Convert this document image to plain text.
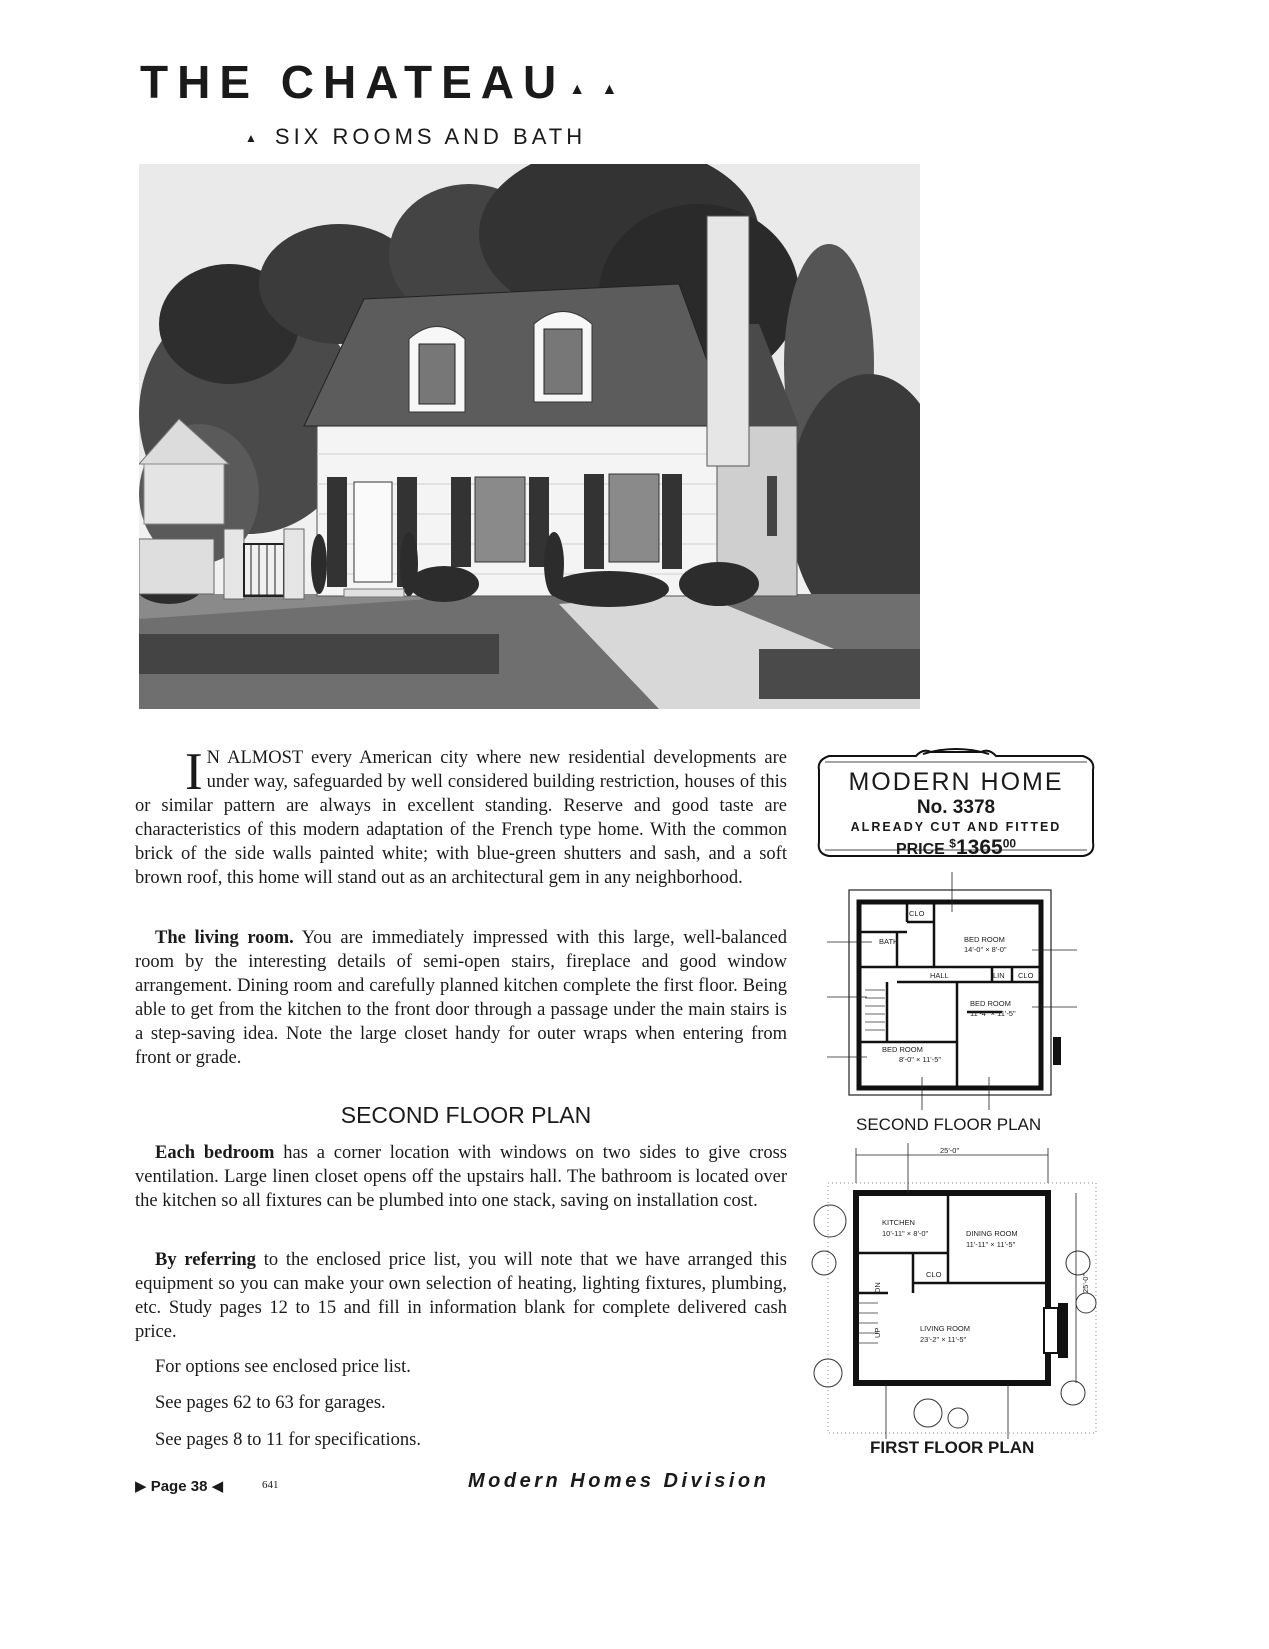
THE CHATEAU ▲ ▲
▲ SIX ROOMS AND BATH
I N ALMOST every American city where new residential developments are under way, safeguarded by well considered building restriction, houses of this or similar pattern are always in excellent standing. Reserve and good taste are characteristics of this modern adaptation of the French type home. With the common brick of the side walls painted white; with blue-green shutters and sash, and a soft brown roof, this home will stand out as an architectural gem in any neighborhood.
The living room. You are immediately impressed with this large, well-balanced room by the interesting details of semi-open stairs, fireplace and good window arrangement. Dining room and carefully planned kitchen complete the first floor. Being able to get from the kitchen to the front door through a passage under the main stairs is a step-saving idea. Note the large closet handy for outer wraps when entering from front or grade.
SECOND FLOOR PLAN
Each bedroom has a corner location with windows on two sides to give cross ventilation. Large linen closet opens off the upstairs hall. The bathroom is located over the kitchen so all fixtures can be plumbed into one stack, saving on installation cost.
By referring to the enclosed price list, you will note that we have arranged this equipment so you can make your own selection of heating, lighting fixtures, plumbing, etc. Study pages 12 to 15 and fill in information blank for complete delivered cash price.
For options see enclosed price list.
See pages 62 to 63 for garages.
See pages 8 to 11 for specifications.
▶ Page 38 ◀	641	Modern Homes Division
MODERN HOME
No. 3378
ALREADY CUT AND FITTED
PRICE $1365$^{00}$
CLO
BATH	BED ROOM
14'-0" × 8'-0"
HALL	LIN CLO
BED ROOM
11'-4" × 11'-5"
BED ROOM
8'-0" × 11'-5"
SECOND FLOOR PLAN
25'-0"
25'-0"
KITCHEN
10'-11" × 8'-0"	DINING ROOM
11'-11" × 11'-5"
CLO
LIVING ROOM
23'-2" × 11'-5"
DN
UP
FIRST FLOOR PLAN
